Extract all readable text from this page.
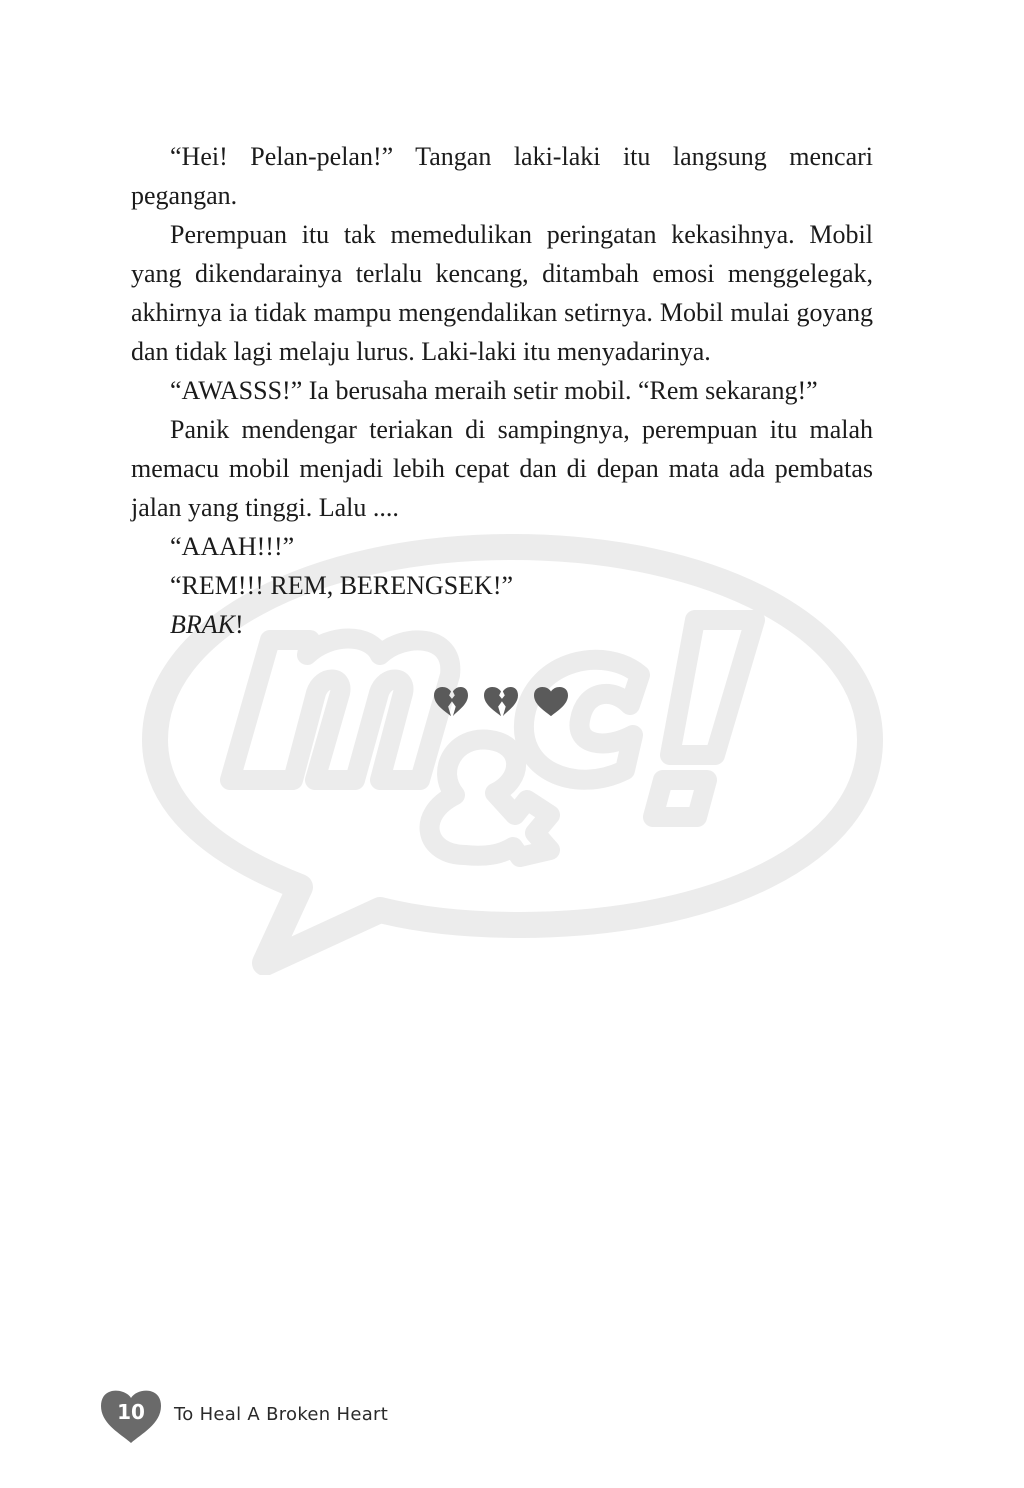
“Hei! Pelan-pelan!” Tangan laki-laki itu langsung mencari pegangan.

Perempuan itu tak memedulikan peringatan kekasihnya. Mobil yang dikendarainya terlalu kencang, ditambah emosi menggelegak, akhirnya ia tidak mampu mengendalikan setirnya. Mobil mulai goyang dan tidak lagi melaju lurus. Laki-laki itu menyadarinya.

“AWASSS!” Ia berusaha meraih setir mobil. “Rem sekarang!”

Panik mendengar teriakan di sampingnya, perempuan itu malah memacu mobil menjadi lebih cepat dan di depan mata ada pembatas jalan yang tinggi. Lalu ....

“AAAH!!!”

“REM!!! REM, BERENGSEK!”

BRAK!

10	To Heal A Broken Heart
